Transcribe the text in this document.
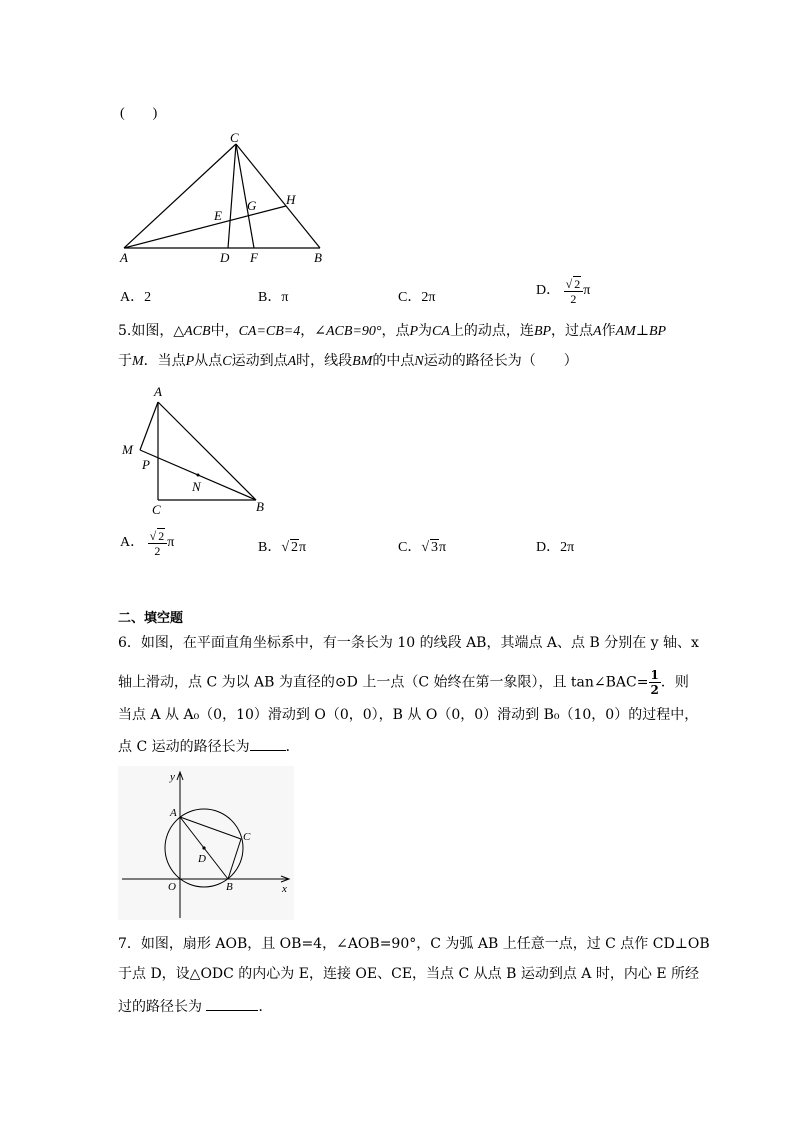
(　　)
C
H
E
G
A	D F	B
A．2	B．π	C．2π	D． $\frac{√ 2}{2}$ π
5.如图，△ACB中，CA=CB=4，∠ACB=90°，点P为CA上的动点，连BP，过点A作AM⊥BP
于M．当点P从点C运动到点A时，线段BM的中点N运动的路径长为（　　）
A
M
P
N
C	B
A． $\frac{√ 2}{2}$ π	B．√ 2π	C．√ 3π	D．2π
二、填空题
6．如图，在平面直角坐标系中，有一条长为 10 的线段 AB，其端点 A、点 B 分别在 y 轴、x
轴上滑动，点 C 为以 AB 为直径的⊙D 上一点（C 始终在第一象限），且 tan∠BAC= $\frac{1}{2}$ ．则
当点 A 从 A₀（0，10）滑动到 O（0，0），B 从 O（0，0）滑动到 B₀（10，0）的过程中，
点 C 运动的路径长为	．
y
x
A
C
D
O	B
7．如图，扇形 AOB，且 OB=4，∠AOB=90°，C 为弧 AB 上任意一点，过 C 点作 CD⊥OB
于点 D，设△ODC 的内心为 E，连接 OE、CE，当点 C 从点 B 运动到点 A 时，内心 E 所经
过的路径长为	．
